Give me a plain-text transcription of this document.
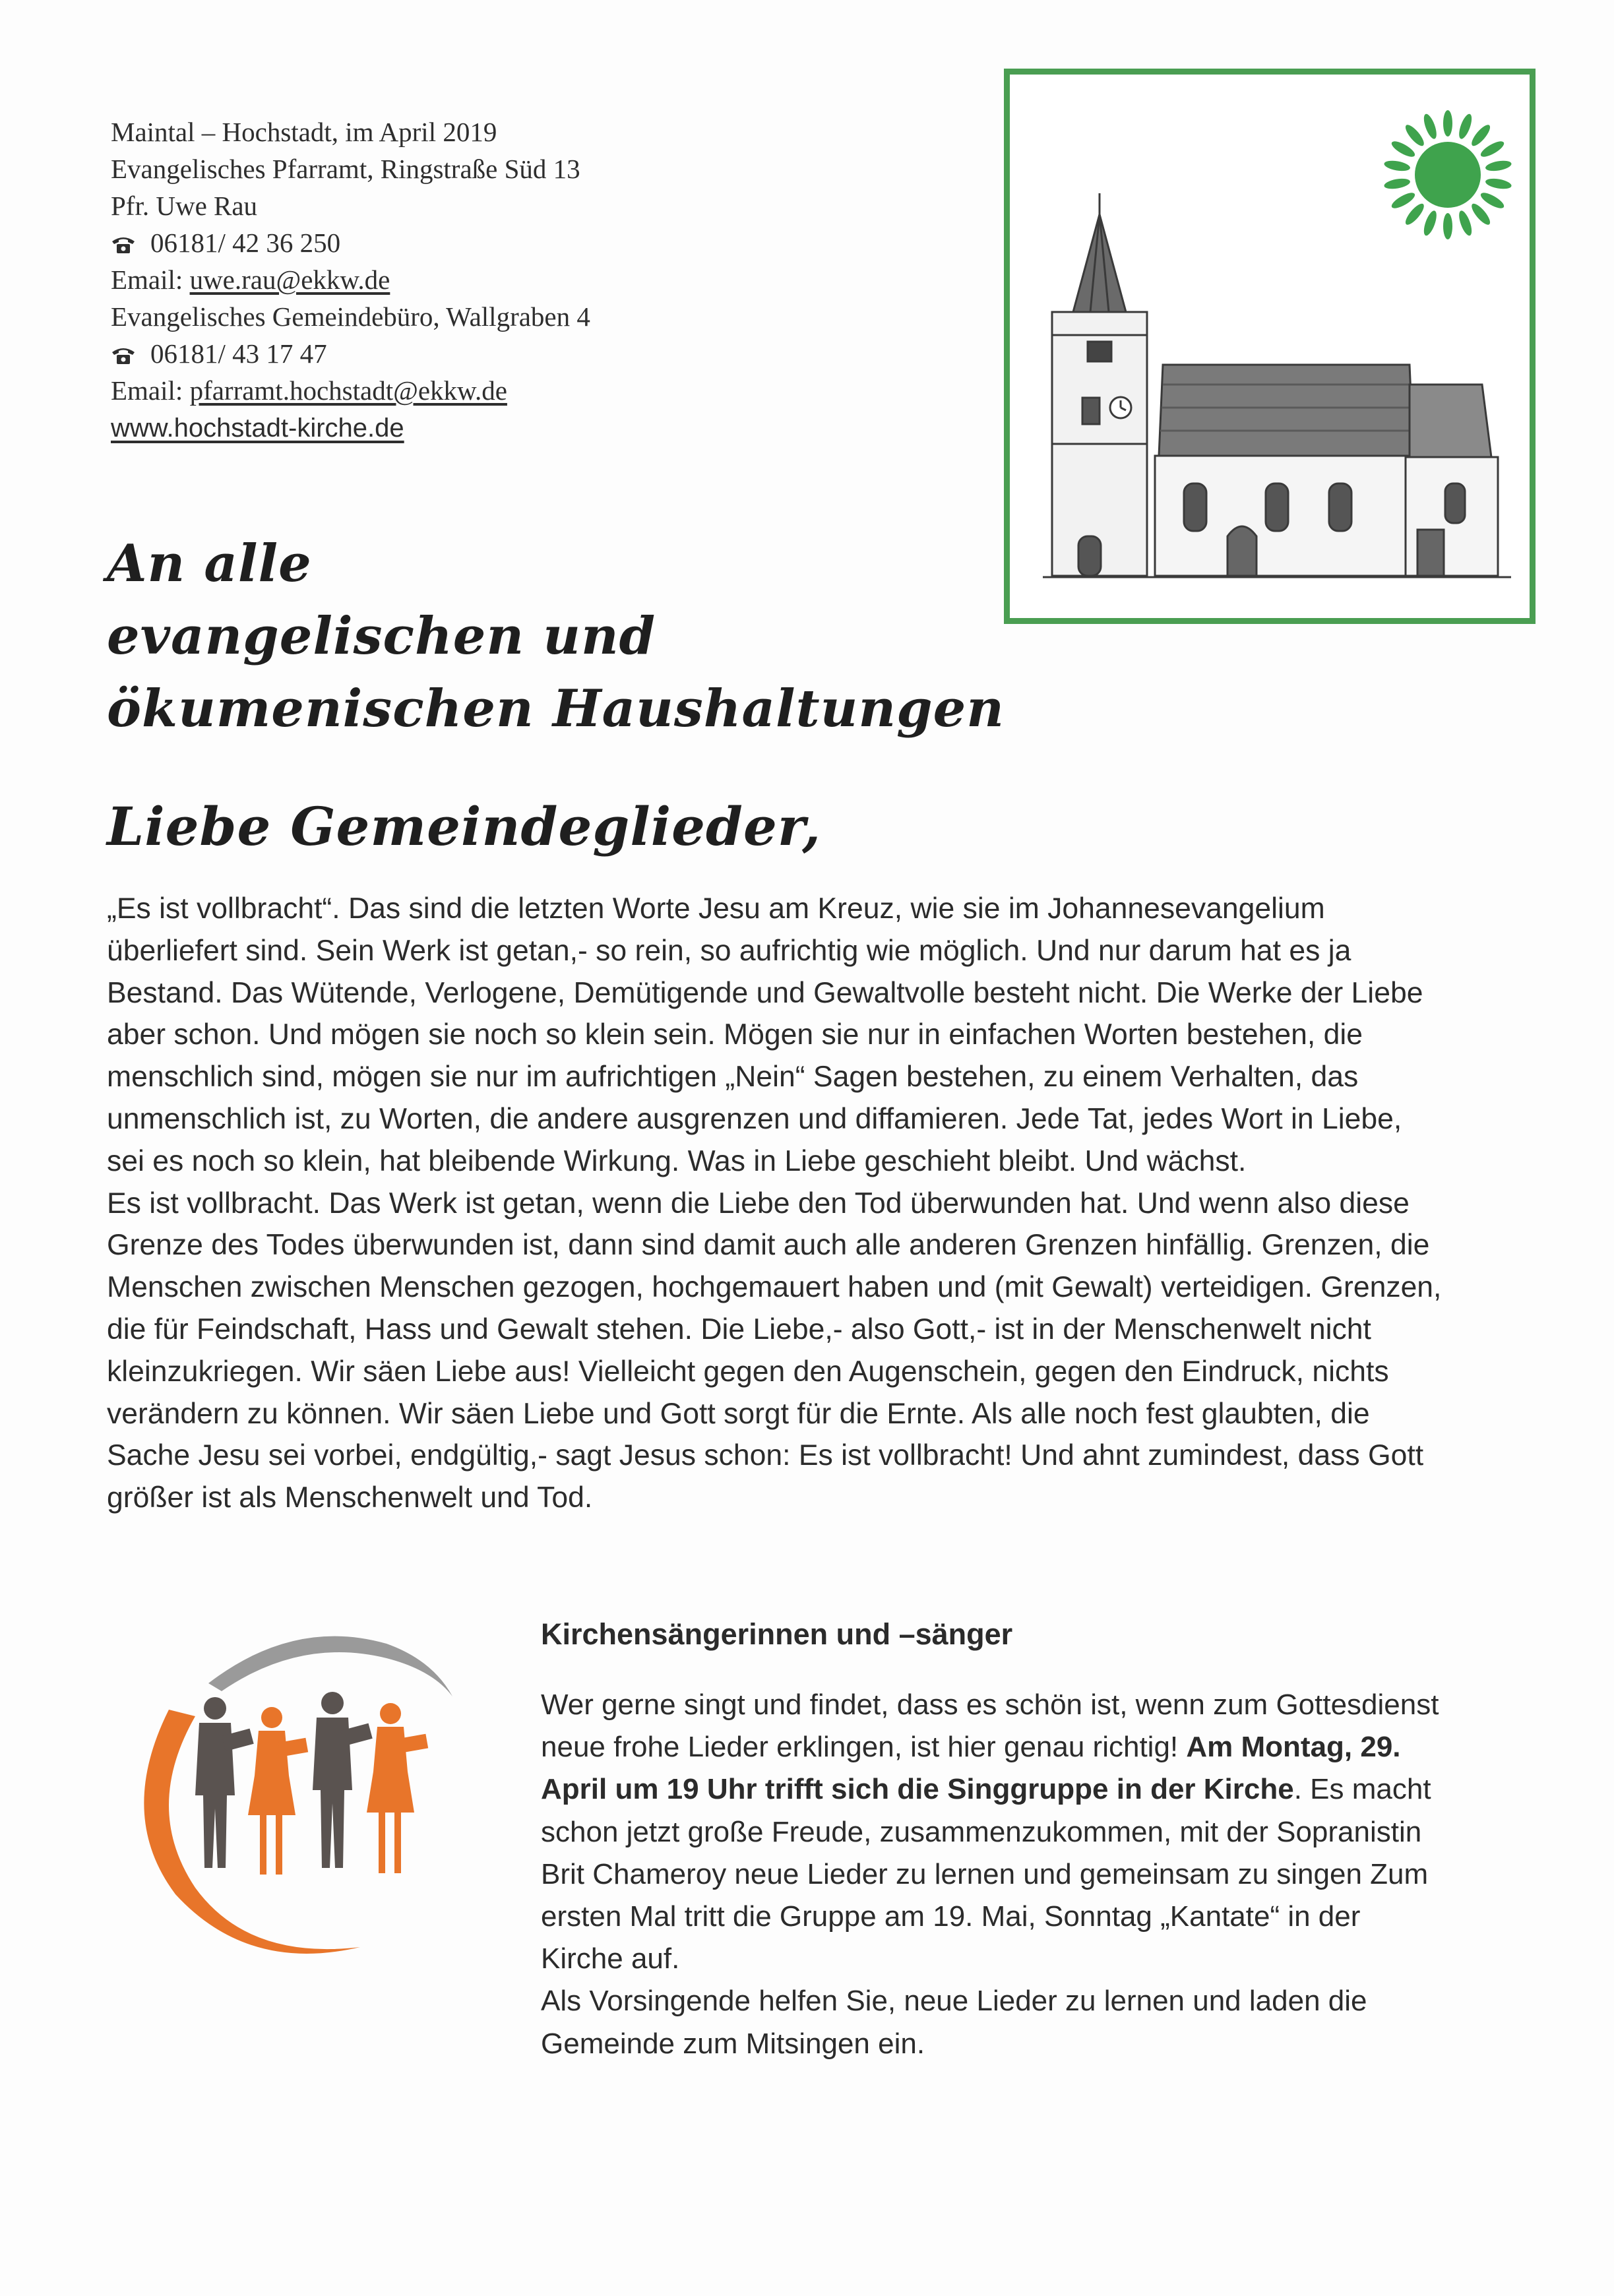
Maintal – Hochstadt, im April 2019
Evangelisches Pfarramt, Ringstraße Süd 13
Pfr. Uwe Rau
06181/ 42 36 250
Email: uwe.rau@ekkw.de
Evangelisches Gemeindebüro, Wallgraben 4
06181/ 43 17 47
Email: pfarramt.hochstadt@ekkw.de
www.hochstadt-kirche.de
An alle
evangelischen und
ökumenischen Haushaltungen
Liebe Gemeindeglieder,
„Es ist vollbracht“. Das sind die letzten Worte Jesu am Kreuz, wie sie im Johannesevangelium
überliefert sind. Sein Werk ist getan,- so rein, so aufrichtig wie möglich. Und nur darum hat es ja
Bestand. Das Wütende, Verlogene, Demütigende und Gewaltvolle besteht nicht. Die Werke der Liebe
aber schon. Und mögen sie noch so klein sein. Mögen sie nur in einfachen Worten bestehen, die
menschlich sind, mögen sie nur im aufrichtigen „Nein“ Sagen bestehen, zu einem Verhalten, das
unmenschlich ist, zu Worten, die andere ausgrenzen und diffamieren. Jede Tat, jedes Wort in Liebe,
sei es noch so klein, hat bleibende Wirkung. Was in Liebe geschieht bleibt. Und wächst.
Es ist vollbracht. Das Werk ist getan, wenn die Liebe den Tod überwunden hat. Und wenn also diese
Grenze des Todes überwunden ist, dann sind damit auch alle anderen Grenzen hinfällig. Grenzen, die
Menschen zwischen Menschen gezogen, hochgemauert haben und (mit Gewalt) verteidigen. Grenzen,
die für Feindschaft, Hass und Gewalt stehen. Die Liebe,- also Gott,- ist in der Menschenwelt nicht
kleinzukriegen. Wir säen Liebe aus! Vielleicht gegen den Augenschein, gegen den Eindruck, nichts
verändern zu können. Wir säen Liebe und Gott sorgt für die Ernte. Als alle noch fest glaubten, die
Sache Jesu sei vorbei, endgültig,- sagt Jesus schon: Es ist vollbracht! Und ahnt zumindest, dass Gott
größer ist als Menschenwelt und Tod.
Kirchensängerinnen und –sänger
Wer gerne singt und findet, dass es schön ist, wenn zum Gottesdienst
neue frohe Lieder erklingen, ist hier genau richtig! Am Montag, 29.
April um 19 Uhr trifft sich die Singgruppe in der Kirche. Es macht
schon jetzt große Freude, zusammenzukommen, mit der Sopranistin
Brit Chameroy neue Lieder zu lernen und gemeinsam zu singen Zum
ersten Mal tritt die Gruppe am 19. Mai, Sonntag „Kantate“ in der
Kirche auf.
Als Vorsingende helfen Sie, neue Lieder zu lernen und laden die
Gemeinde zum Mitsingen ein.
